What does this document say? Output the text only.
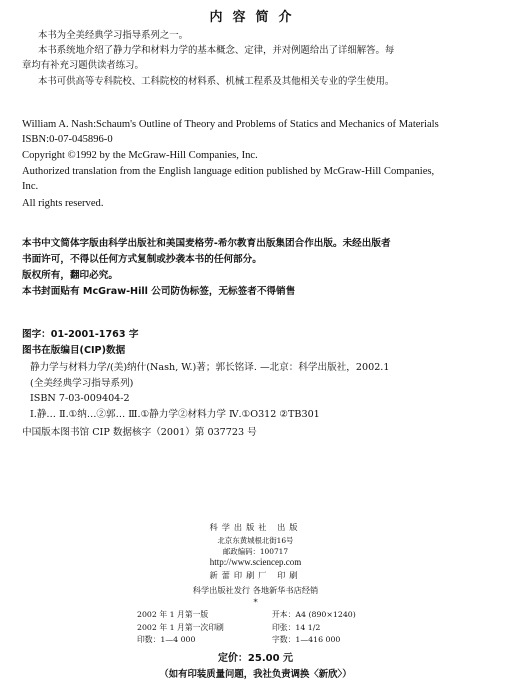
内容简介
本书为全美经典学习指导系列之一。
本书系统地介绍了静力学和材料力学的基本概念、定律，并对例题给出了详细解答。每
章均有补充习题供读者练习。
本书可供高等专科院校、工科院校的材料系、机械工程系及其他相关专业的学生使用。
William A. Nash:Schaum's Outline of Theory and Problems of Statics and Mechanics of Materials
ISBN:0-07-045896-0
Copyright ©1992 by the McGraw-Hill Companies, Inc.
Authorized translation from the English language edition published by McGraw-Hill Companies,
Inc.
All rights reserved.
本书中文简体字版由科学出版社和美国麦格劳-希尔教育出版集团合作出版。未经出版者
书面许可，不得以任何方式复制或抄袭本书的任何部分。
版权所有，翻印必究。
本书封面贴有 McGraw-Hill 公司防伪标签，无标签者不得销售
图字：01-2001-1763 字
图书在版编目(CIP)数据
静力学与材料力学/(美)纳什(Nash, W.)著；郭长铭译. —北京：科学出版社，2002.1
(全美经典学习指导系列)
ISBN 7-03-009404-2
Ⅰ.静… Ⅱ.①纳…②郭… Ⅲ.①静力学②材料力学 Ⅳ.①O312 ②TB301
中国版本图书馆 CIP 数据核字（2001）第 037723 号
科学出版社 出版
北京东黄城根北街16号
邮政编码：100717
http://www.sciencep.com
新蕾印刷厂 印刷
科学出版社发行 各地新华书店经销
*
2002 年 1 月第一版
2002 年 1 月第一次印刷
印数：1—4 000
开本：A4 (890×1240)
印张：14 1/2
字数：1—416 000
定价：25.00 元
（如有印装质量问题，我社负责调换〈新欣〉）
